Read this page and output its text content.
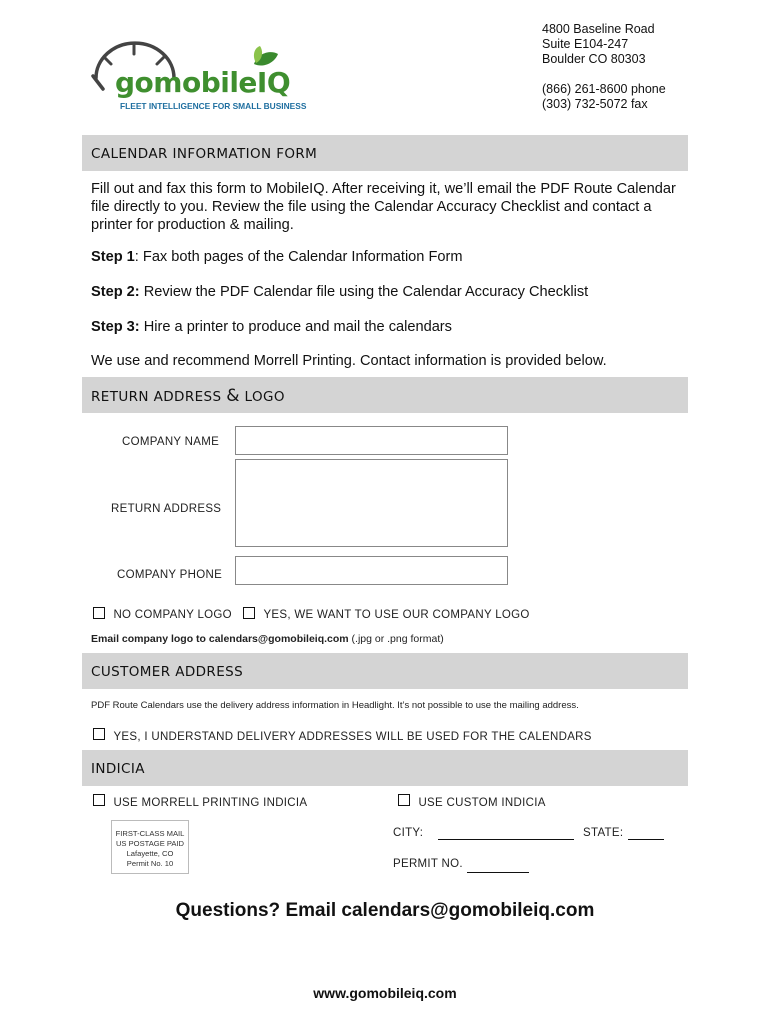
gomobileIQ
FLEET INTELLIGENCE FOR SMALL BUSINESS
4800 Baseline Road
Suite E104-247
Boulder CO 80303
(866) 261-8600 phone
(303) 732-5072 fax
CALENDAR INFORMATION FORM
Fill out and fax this form to MobileIQ. After receiving it, we’ll email the PDF Route Calendar file directly to you. Review the file using the Calendar Accuracy Checklist and contact a printer for production & mailing.
Step 1: Fax both pages of the Calendar Information Form
Step 2: Review the PDF Calendar file using the Calendar Accuracy Checklist
Step 3: Hire a printer to produce and mail the calendars
We use and recommend Morrell Printing. Contact information is provided below.
RETURN ADDRESS & LOGO
COMPANY NAME
RETURN ADDRESS
COMPANY PHONE
NO COMPANY LOGO	YES, WE WANT TO USE OUR COMPANY LOGO
Email company logo to calendars@gomobileiq.com (.jpg or .png format)
CUSTOMER ADDRESS
PDF Route Calendars use the delivery address information in Headlight. It’s not possible to use the mailing address.
YES, I UNDERSTAND DELIVERY ADDRESSES WILL BE USED FOR THE CALENDARS
INDICIA
USE MORRELL PRINTING INDICIA	USE CUSTOM INDICIA
FIRST-CLASS MAIL
US POSTAGE PAID
Lafayette, CO
Permit No. 10
CITY:	STATE:
PERMIT NO.
Questions? Email calendars@gomobileiq.com
www.gomobileiq.com
